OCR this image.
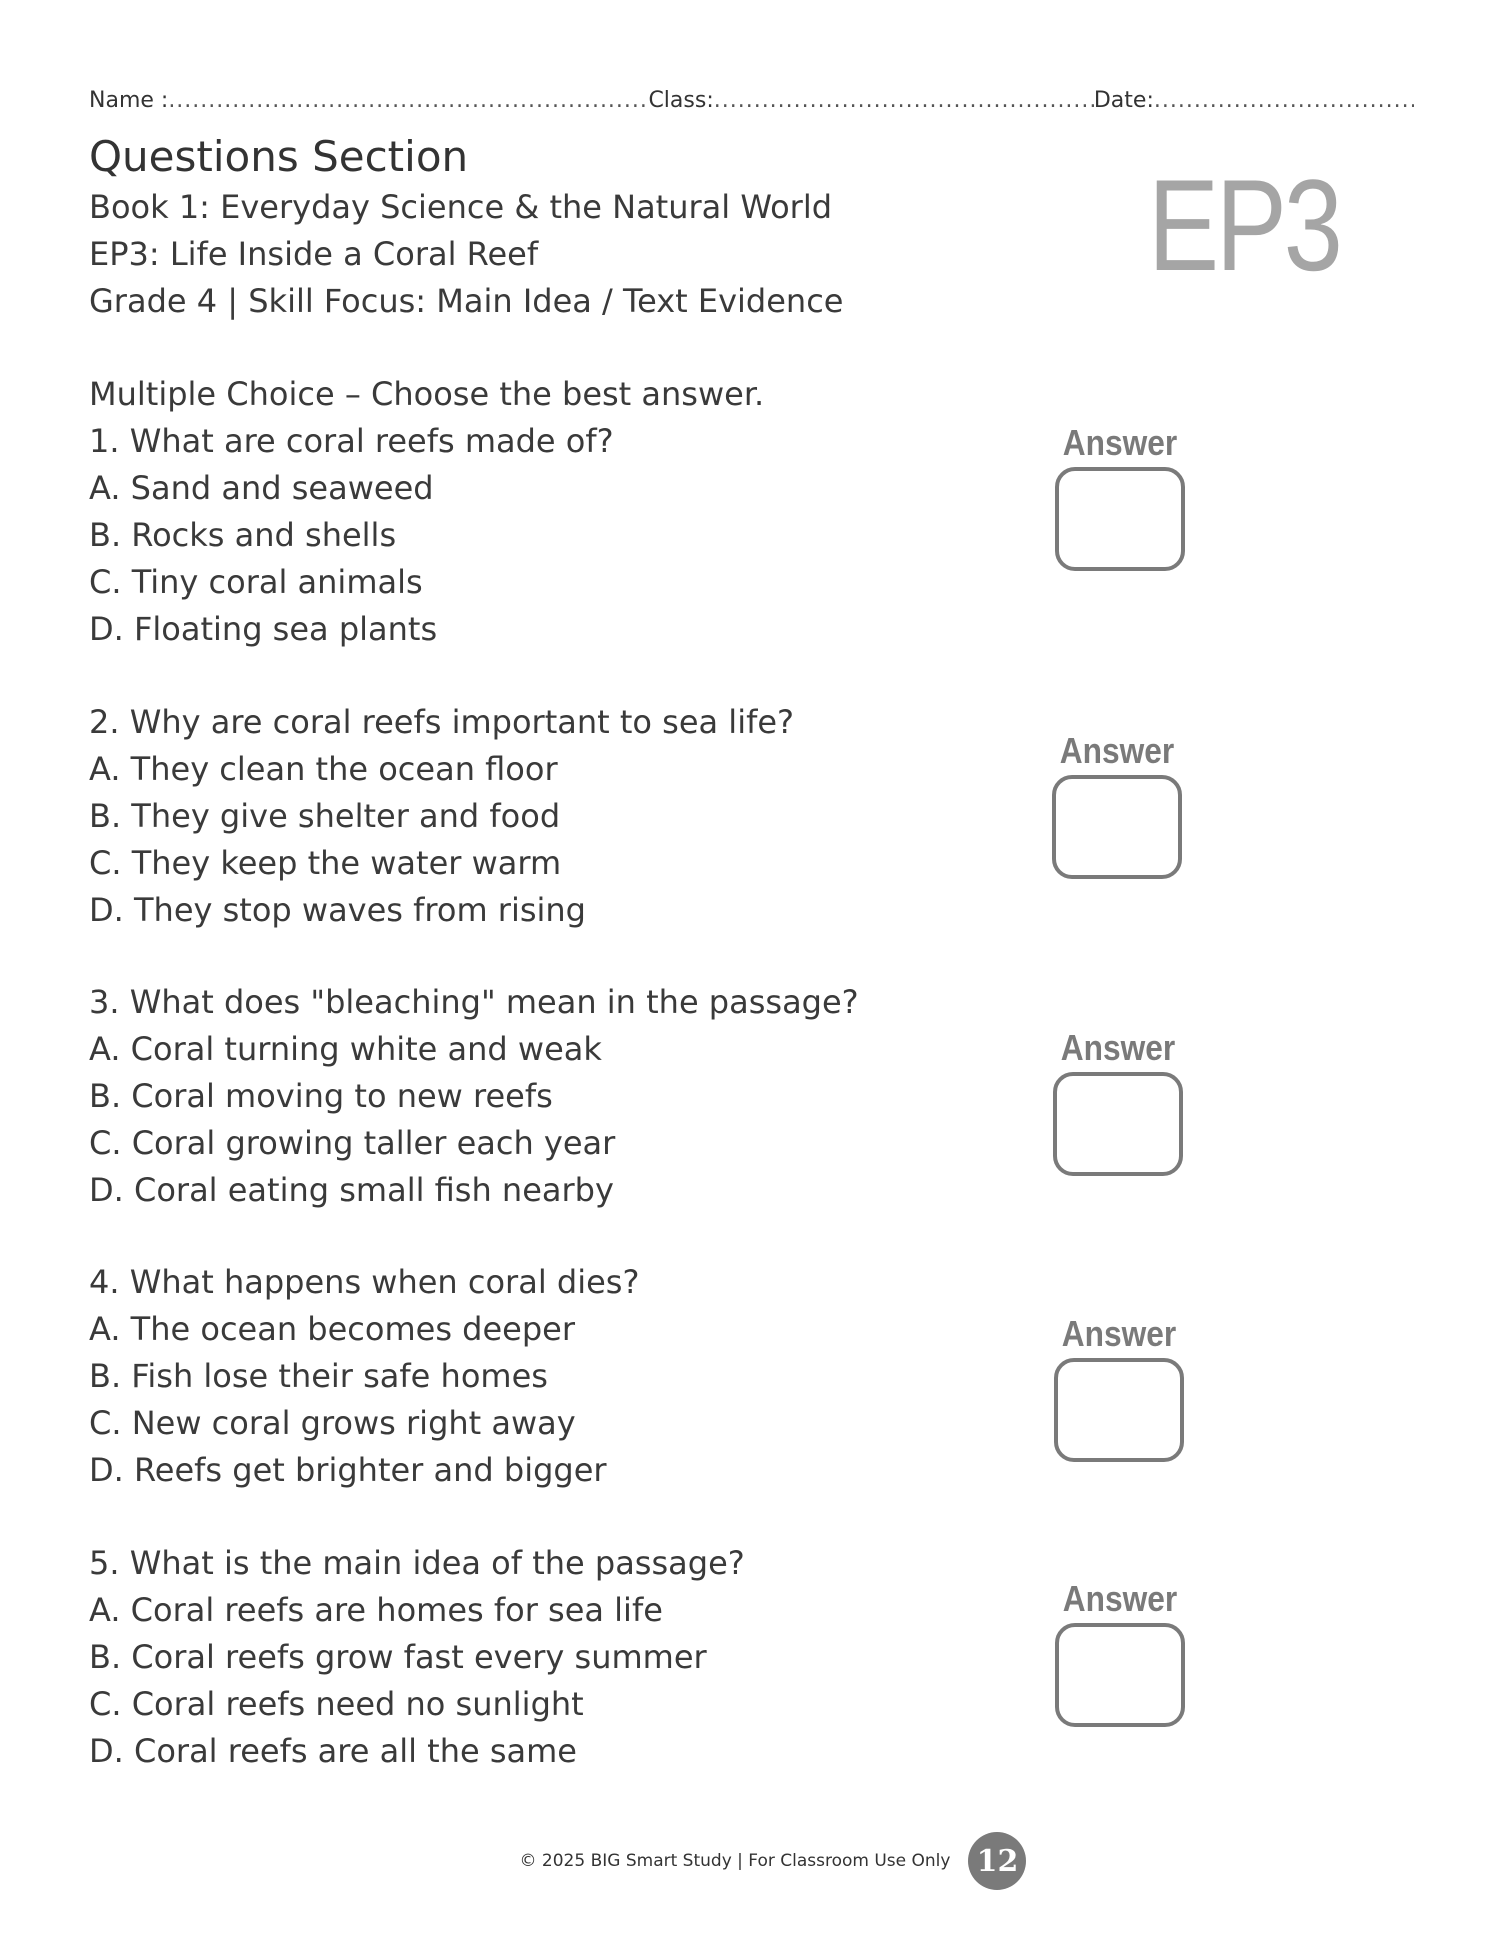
Name : .....	Class: .....	Date:
.....
Questions Section
Book 1: Everyday Science & the Natural World
EP3: Life Inside a Coral Reef
Grade 4 | Skill Focus: Main Idea / Text Evidence
EP3
Multiple Choice – Choose the best answer.
1. What are coral reefs made of?
A. Sand and seaweed
B. Rocks and shells
C. Tiny coral animals
D. Floating sea plants
Answer
2. Why are coral reefs important to sea life?
A. They clean the ocean floor
B. They give shelter and food
C. They keep the water warm
D. They stop waves from rising
Answer
3. What does "bleaching" mean in the passage?
A. Coral turning white and weak
B. Coral moving to new reefs
C. Coral growing taller each year
D. Coral eating small fish nearby
Answer
4. What happens when coral dies?
A. The ocean becomes deeper
B. Fish lose their safe homes
C. New coral grows right away
D. Reefs get brighter and bigger
Answer
5. What is the main idea of the passage?
A. Coral reefs are homes for sea life
B. Coral reefs grow fast every summer
C. Coral reefs need no sunlight
D. Coral reefs are all the same
Answer
© 2025 BIG Smart Study | For Classroom Use Only 12
